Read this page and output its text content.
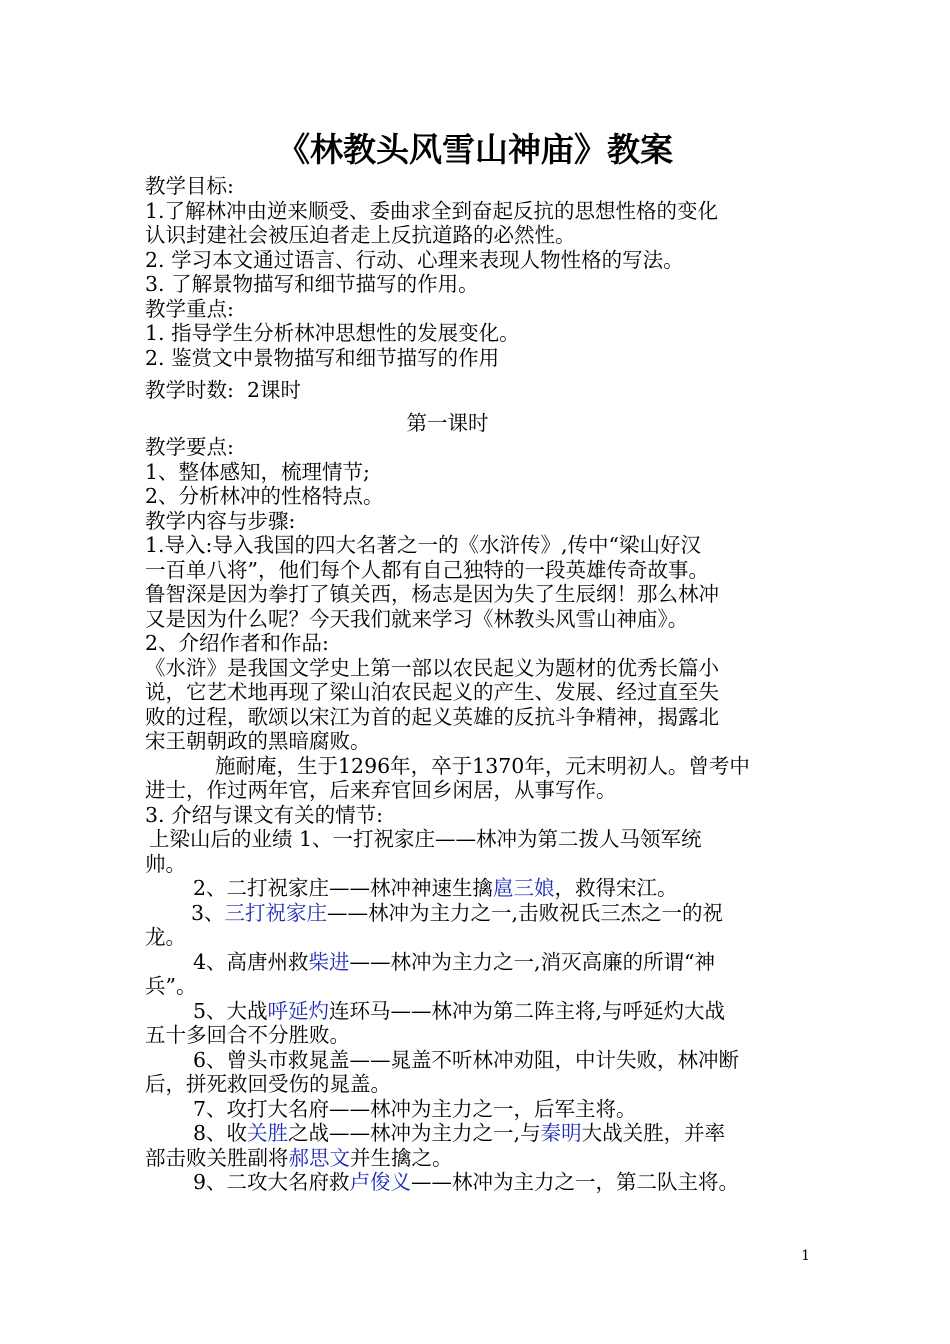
《林教头风雪山神庙》教案
教学目标:
1.了解林冲由逆来顺受、委曲求全到奋起反抗的思想性格的变化
认识封建社会被压迫者走上反抗道路的必然性。
2. 学习本文通过语言、行动、心理来表现人物性格的写法。
3. 了解景物描写和细节描写的作用。
教学重点:
1. 指导学生分析林冲思想性的发展变化。
2. 鉴赏文中景物描写和细节描写的作用
教学时数:  2课时
第一课时
教学要点:
1、整体感知，梳理情节;
2、分析林冲的性格特点。
教学内容与步骤:
1.导入:导入我国的四大名著之一的《水浒传》,传中“梁山好汉
一百单八将”，他们每个人都有自己独特的一段英雄传奇故事。
鲁智深是因为拳打了镇关西，杨志是因为失了生辰纲！那么林冲
又是因为什么呢？今天我们就来学习《林教头风雪山神庙》。
2、介绍作者和作品:
《水浒》是我国文学史上第一部以农民起义为题材的优秀长篇小
说，它艺术地再现了梁山泊农民起义的产生、发展、经过直至失
败的过程，歌颂以宋江为首的起义英雄的反抗斗争精神，揭露北
宋王朝朝政的黑暗腐败。
施耐庵，生于1296年，卒于1370年，元末明初人。曾考中
进士，作过两年官，后来弃官回乡闲居，从事写作。
3. 介绍与课文有关的情节:
上梁山后的业绩 1、一打祝家庄——林冲为第二拨人马领军统
帅。
2、二打祝家庄——林冲神速生擒扈三娘，救得宋江。
3、三打祝家庄——林冲为主力之一,击败祝氏三杰之一的祝
龙。
4、高唐州救柴进——林冲为主力之一,消灭高廉的所谓“神
兵”。
5、大战呼延灼连环马——林冲为第二阵主将,与呼延灼大战
五十多回合不分胜败。
6、曾头市救晁盖——晁盖不听林冲劝阻，中计失败，林冲断
后，拼死救回受伤的晁盖。
7、攻打大名府——林冲为主力之一，后军主将。
8、收关胜之战——林冲为主力之一,与秦明大战关胜，并率
部击败关胜副将郝思文并生擒之。
9、二攻大名府救卢俊义——林冲为主力之一，第二队主将。
1
